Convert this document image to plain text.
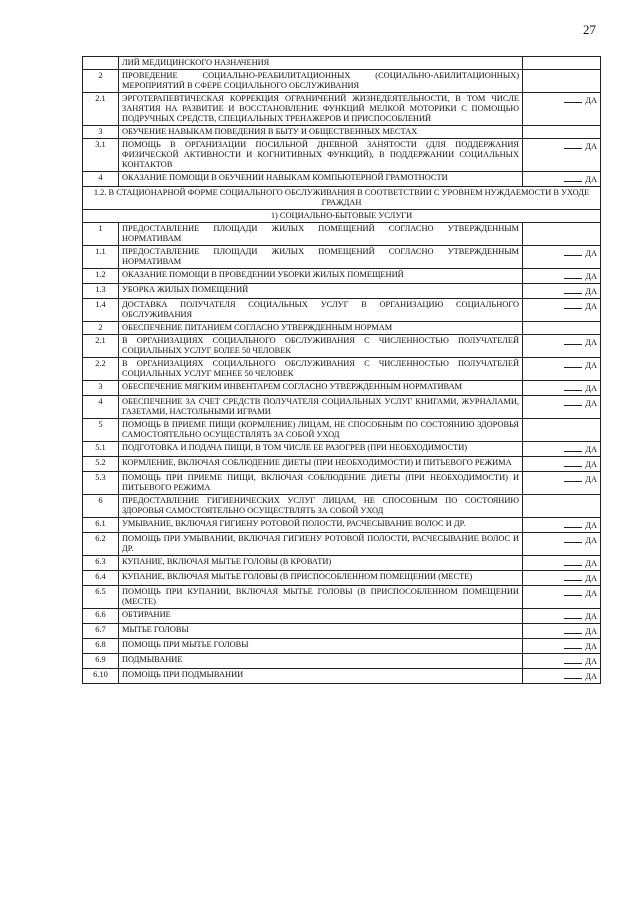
27
	ЛИЙ МЕДИЦИНСКОГО НАЗНАЧЕНИЯ	
2	ПРОВЕДЕНИЕ СОЦИАЛЬНО-РЕАБИЛИТАЦИОННЫХ (СОЦИАЛЬНО-АБИЛИТАЦИОННЫХ) МЕРОПРИЯТИЙ В СФЕРЕ СОЦИАЛЬНОГО ОБСЛУЖИВАНИЯ	
2.1	ЭРГОТЕРАПЕВТИЧЕСКАЯ КОРРЕКЦИЯ ОГРАНИЧЕНИЙ ЖИЗНЕДЕЯТЕЛЬНОСТИ, В ТОМ ЧИСЛЕ ЗАНЯТИЯ НА РАЗВИТИЕ И ВОССТАНОВЛЕНИЕ ФУНКЦИЙ МЕЛКОЙ МОТОРИКИ С ПОМОЩЬЮ ПОДРУЧНЫХ СРЕДСТВ, СПЕЦИАЛЬНЫХ ТРЕНАЖЕРОВ И ПРИСПОСОБЛЕНИЙ	ДА
3	ОБУЧЕНИЕ НАВЫКАМ ПОВЕДЕНИЯ В БЫТУ И ОБЩЕСТВЕННЫХ МЕСТАХ	
3.1	ПОМОЩЬ В ОРГАНИЗАЦИИ ПОСИЛЬНОЙ ДНЕВНОЙ ЗАНЯТОСТИ (ДЛЯ ПОДДЕРЖАНИЯ ФИЗИЧЕСКОЙ АКТИВНОСТИ И КОГНИТИВНЫХ ФУНКЦИЙ), В ПОДДЕРЖАНИИ СОЦИАЛЬНЫХ КОНТАКТОВ	ДА
4	ОКАЗАНИЕ ПОМОЩИ В ОБУЧЕНИИ НАВЫКАМ КОМПЬЮТЕРНОЙ ГРАМОТНОСТИ	ДА
1.2. В СТАЦИОНАРНОЙ ФОРМЕ СОЦИАЛЬНОГО ОБСЛУЖИВАНИЯ В СООТВЕТСТВИИ С УРОВНЕМ НУЖДАЕМОСТИ В УХОДЕ ГРАЖДАН		
1) СОЦИАЛЬНО-БЫТОВЫЕ УСЛУГИ		
1	ПРЕДОСТАВЛЕНИЕ ПЛОЩАДИ ЖИЛЫХ ПОМЕЩЕНИЙ СОГЛАСНО УТВЕРЖДЕННЫМ НОРМАТИВАМ	
1.1	ПРЕДОСТАВЛЕНИЕ ПЛОЩАДИ ЖИЛЫХ ПОМЕЩЕНИЙ СОГЛАСНО УТВЕРЖДЕННЫМ НОРМАТИВАМ	ДА
1.2	ОКАЗАНИЕ ПОМОЩИ В ПРОВЕДЕНИИ УБОРКИ ЖИЛЫХ ПОМЕЩЕНИЙ	ДА
1.3	УБОРКА ЖИЛЫХ ПОМЕЩЕНИЙ	ДА
1.4	ДОСТАВКА ПОЛУЧАТЕЛЯ СОЦИАЛЬНЫХ УСЛУГ В ОРГАНИЗАЦИЮ СОЦИАЛЬНОГО ОБСЛУЖИВАНИЯ	ДА
2	ОБЕСПЕЧЕНИЕ ПИТАНИЕМ СОГЛАСНО УТВЕРЖДЕННЫМ НОРМАМ	
2.1	В ОРГАНИЗАЦИЯХ СОЦИАЛЬНОГО ОБСЛУЖИВАНИЯ С ЧИСЛЕННОСТЬЮ ПОЛУЧАТЕЛЕЙ СОЦИАЛЬНЫХ УСЛУГ БОЛЕЕ 50 ЧЕЛОВЕК	ДА
2.2	В ОРГАНИЗАЦИЯХ СОЦИАЛЬНОГО ОБСЛУЖИВАНИЯ С ЧИСЛЕННОСТЬЮ ПОЛУЧАТЕЛЕЙ СОЦИАЛЬНЫХ УСЛУГ МЕНЕЕ 50 ЧЕЛОВЕК	ДА
3	ОБЕСПЕЧЕНИЕ МЯГКИМ ИНВЕНТАРЕМ СОГЛАСНО УТВЕРЖДЕННЫМ НОРМАТИВАМ	ДА
4	ОБЕСПЕЧЕНИЕ ЗА СЧЕТ СРЕДСТВ ПОЛУЧАТЕЛЯ СОЦИАЛЬНЫХ УСЛУГ КНИГАМИ, ЖУРНАЛАМИ, ГАЗЕТАМИ, НАСТОЛЬНЫМИ ИГРАМИ	ДА
5	ПОМОЩЬ В ПРИЕМЕ ПИЩИ (КОРМЛЕНИЕ) ЛИЦАМ, НЕ СПОСОБНЫМ ПО СОСТОЯНИЮ ЗДОРОВЬЯ САМОСТОЯТЕЛЬНО ОСУЩЕСТВЛЯТЬ ЗА СОБОЙ УХОД	
5.1	ПОДГОТОВКА И ПОДАЧА ПИЩИ, В ТОМ ЧИСЛЕ ЕЕ РАЗОГРЕВ (ПРИ НЕОБХОДИМОСТИ)	ДА
5.2	КОРМЛЕНИЕ, ВКЛЮЧАЯ СОБЛЮДЕНИЕ ДИЕТЫ (ПРИ НЕОБХОДИМОСТИ) И ПИТЬЕВОГО РЕЖИМА	ДА
5.3	ПОМОЩЬ ПРИ ПРИЕМЕ ПИЩИ, ВКЛЮЧАЯ СОБЛЮДЕНИЕ ДИЕТЫ (ПРИ НЕОБХОДИМОСТИ) И ПИТЬЕВОГО РЕЖИМА	ДА
6	ПРЕДОСТАВЛЕНИЕ ГИГИЕНИЧЕСКИХ УСЛУГ ЛИЦАМ, НЕ СПОСОБНЫМ ПО СОСТОЯНИЮ ЗДОРОВЬЯ САМОСТОЯТЕЛЬНО ОСУЩЕСТВЛЯТЬ ЗА СОБОЙ УХОД	
6.1	УМЫВАНИЕ, ВКЛЮЧАЯ ГИГИЕНУ РОТОВОЙ ПОЛОСТИ, РАСЧЕСЫВАНИЕ ВОЛОС И ДР.	ДА
6.2	ПОМОЩЬ ПРИ УМЫВАНИИ, ВКЛЮЧАЯ ГИГИЕНУ РОТОВОЙ ПОЛОСТИ, РАСЧЕСЫВАНИЕ ВОЛОС И ДР.	ДА
6.3	КУПАНИЕ, ВКЛЮЧАЯ МЫТЬЕ ГОЛОВЫ (В КРОВАТИ)	ДА
6.4	КУПАНИЕ, ВКЛЮЧАЯ МЫТЬЕ ГОЛОВЫ (В ПРИСПОСОБЛЕННОМ ПОМЕЩЕНИИ (МЕСТЕ)	ДА
6.5	ПОМОЩЬ ПРИ КУПАНИИ, ВКЛЮЧАЯ МЫТЬЕ ГОЛОВЫ (В ПРИСПОСОБЛЕННОМ ПОМЕЩЕНИИ (МЕСТЕ)	ДА
6.6	ОБТИРАНИЕ	ДА
6.7	МЫТЬЕ ГОЛОВЫ	ДА
6.8	ПОМОЩЬ ПРИ МЫТЬЕ ГОЛОВЫ	ДА
6.9	ПОДМЫВАНИЕ	ДА
6.10	ПОМОЩЬ ПРИ ПОДМЫВАНИИ	ДА
